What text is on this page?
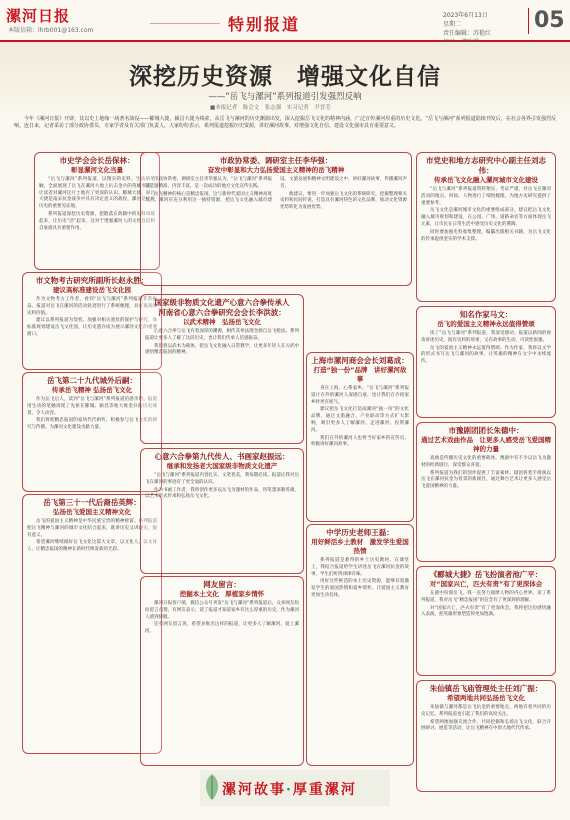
漯河日报
本版信箱：lhrb001@163.com	特别报道	2023年6月13日
星期二
责任编辑：苏艳红
05
深挖历史资源　增强文化自信
——“岳飞与漯河”系列报道引发强烈反响
■本报记者　陈会文　张志强　实习记者　尹晋芳
　　今年《漯河日报》开辟，其以史上地缘一场著名战役——郾城大捷、颍昌大捷为线索，从岳飞与漯河的历史渊源出发，深入挖掘岳飞文化的精神内涵，广泛宣传漯河厚重的历史文化。“岳飞与漯河”系列报道陆续刊发后，在社会各界引发强烈反响。连日来，记者采访了部分政协委员、专家学者及有关部门负责人，大家纷纷表示，系列报道挖掘历史资源，讲好漯河故事，对增强文化自信、建设文化强市具有重要意义。
市史学会会长岳保林：
彰显漯河文化当量

“岳飞与漯河”系列报道，以翔实的史料、生动的笔触，全面展现了岳飞在漯河大地上抗击金兵的英雄事迹，让读者对漯河这片土地有了更深的认识。郾城大捷、颍昌大捷是南宋抗金战争中具有决定意义的战役，漯河是这段历史的重要见证地。

系列报道深挖历史资源，把散落在典籍中的史料串联起来，让历史“活”起来，这对于增强漯河人的文化自信和自豪感具有重要作用。

市文物考古研究所副所长赵永胜：
建议高标准建设岳飞文化园

作为文物考古工作者，看到“岳飞与漯河”系列报道非常振奋。报道对岳飞在漯河的活动轨迹进行了系统梳理，具有很高的史料价值。

建议以系列报道为契机，加强对相关遗址的保护与研究，高标准规划建设岳飞文化园，让历史遗存成为展示漯河文化的重要窗口。

岳飞第二十九代城外后嗣：
传承岳飞精神 弘扬岳飞文化

作为岳飞后人，读到“岳飞与漯河”系列报道倍感亲切。报道用生动的笔触再现了先祖在郾城、颍昌等地大败金兵的历史场景，令人动容。

我们将把精忠报国的家风代代相传，积极参与岳飞文化的研究与传播，为漯河文化建设贡献力量。

岳飞第三十一代后裔岳英辉：
弘扬岳飞爱国主义精神文化

岳飞的爱国主义精神是中华民族宝贵的精神财富。系列报道把岳飞精神与漯河的城市文化结合起来，既讲历史又讲现实，很有意义。

希望漯河继续做好岳飞文化这篇大文章，以文化人、以文育人，让精忠报国的精神在新时代焕发新的光彩。

市政协常委、调研室主任李华强：
奋发中彰显和大力弘扬爱国主义精神的岳飞精神

市政协常委、调研室主任李华强认为，“岳飞与漯河”系列报道选题精准、内容丰富，是一次成功的地方文化宣传实践。

岳飞精神的核心是精忠报国，这与新时代爱国主义精神高度契合。漯河应充分利用这一独特资源，把岳飞文化融入城市建设、文旅发展和精神文明建设之中，讲好漯河故事，传播漯河声音。

他建议，要进一步加强岳飞文化的系统研究，挖掘整理相关史料和民间传说，打造具有漯河特色的文化品牌，推动文化资源优势转化为发展优势。

国家级非物质文化遗产心意六合拳传承人
河南省心意六合拳研究会会长李洪波：
以武术精神　弘扬岳飞文化

心意六合拳与岳飞有着深厚的渊源，相传其拳法理念源自岳飞枪法。系列报道让更多人了解了这段历史，也让我们传承人倍感振奋。

我们将以武术为载体，把岳飞文化融入日常教学，让更多年轻人在习武中感悟精忠报国的精神。

心意六合拳第九代传人、书画家赵振远：
继承和发扬老大国家级非物质文化遗产

“岳飞与漯河”系列报道内容扎实、文笔优美，我每期必读。报道让我对岳飞在漯河的事迹有了更全面的认识。

作为书画工作者，我将创作更多以岳飞为题材的作品，用笔墨讴歌英雄，以艺术形式传承和弘扬岳飞文化。

上海市漯河商会会长刘葛成：
打造“独一份”品牌　讲好漯河故事

身在上海，心系家乡。“岳飞与漯河”系列报道让在外的漯河人深感自豪，也让我们在介绍家乡时更有底气。

建议把岳飞文化打造成漯河“独一份”的文化品牌，通过文旅融合、产业联动等方式扩大影响，吸引更多人了解漯河、走进漯河、投资漯河。

我们在外的漯河人也将当好家乡的宣传员，积极讲好漯河故事。

网友留言：
挖掘本土文化　厚植家乡情怀

漯河日报客户端、微信公众号刊发“岳飞与漯河”系列报道后，众多网友纷纷留言点赞。有网友表示，读了报道才知道家乡有这么厚重的历史，作为漯河人感到骄傲。

还有网友留言说，希望多推出这样的报道，让更多人了解漯河、爱上漯河。

中学历史老师王磊：
用好鲜活乡土教材　激发学生爱国热情

系列报道是难得的乡土历史教材。在课堂上，我结合报道给学生讲述岳飞在漯河抗金的故事，学生们听得津津有味。

用好这些鲜活的本土历史资源，能够有效激发学生的爱国热情和爱乡情怀，让爱国主义教育更加生动具体。

市党史和地方志研究中心副主任刘志伟：
传承岳飞文化融入漯河城市文化建设

“岳飞与漯河”系列报道资料翔实、考证严谨，对岳飞在漯河活动的地点、时间、人物进行了细致梳理，为地方史研究提供了重要参考。

岳飞文化是漯河城市文化的重要组成部分。建议把岳飞文化融入城市规划和建设，在公园、广场、道路命名等方面体现岳飞元素，让市民在日常生活中感受历史文化的熏陶。

同时要加强史料收集整理，编纂出版相关书籍，为岳飞文化的传承提供坚实的学术支撑。

知名作家马文：
岳飞的爱国主义精神永远值得赞颂

读了“岳飞与漯河”系列报道，我深受感动。报道以新闻的视角讲述历史，既有史料的厚重，又有故事的生动，可读性很强。

岳飞的爱国主义精神永远值得赞颂。作为作家，我将以文学的形式书写岳飞与漯河的故事，让英雄的精神在文字中永续流传。

市豫剧团团长朱德中：
通过艺术戏曲作品　让更多人感受岳飞爱国精神的力量

戏曲是传播历史文化的重要载体。豫剧中有不少以岳飞为题材的经典剧目，深受群众喜爱。

系列报道为我们的创作提供了丰富素材。剧团将着手排演以岳飞在漯河抗金为背景的新剧目，通过舞台艺术让更多人感受岳飞爱国精神的力量。

《郾城大捷》岳飞扮演者池广平：
对“国家兴亡，匹夫有责”有了更深体会

在剧中扮演岳飞，我一直努力揣摩人物的内心世界。读了系列报道，我对岳飞“精忠报国”的信念有了更深刻的理解。

对“国家兴亡，匹夫有责”有了更深体会。我将把这份感悟融入表演，把英雄形象塑造得更加饱满。

朱仙镇岳飞庙管理处主任刘广振：
希望两地共同弘扬岳飞文化

朱仙镇与漯河都是岳飞抗金的重要地点，两地有着共同的历史记忆。系列报道也引起了我们的高度关注。

希望两地加强交流合作，共同挖掘和弘扬岳飞文化，联合开展研讨、展览等活动，让岳飞精神在中原大地代代传承。

漯河故事·厚重漯河
